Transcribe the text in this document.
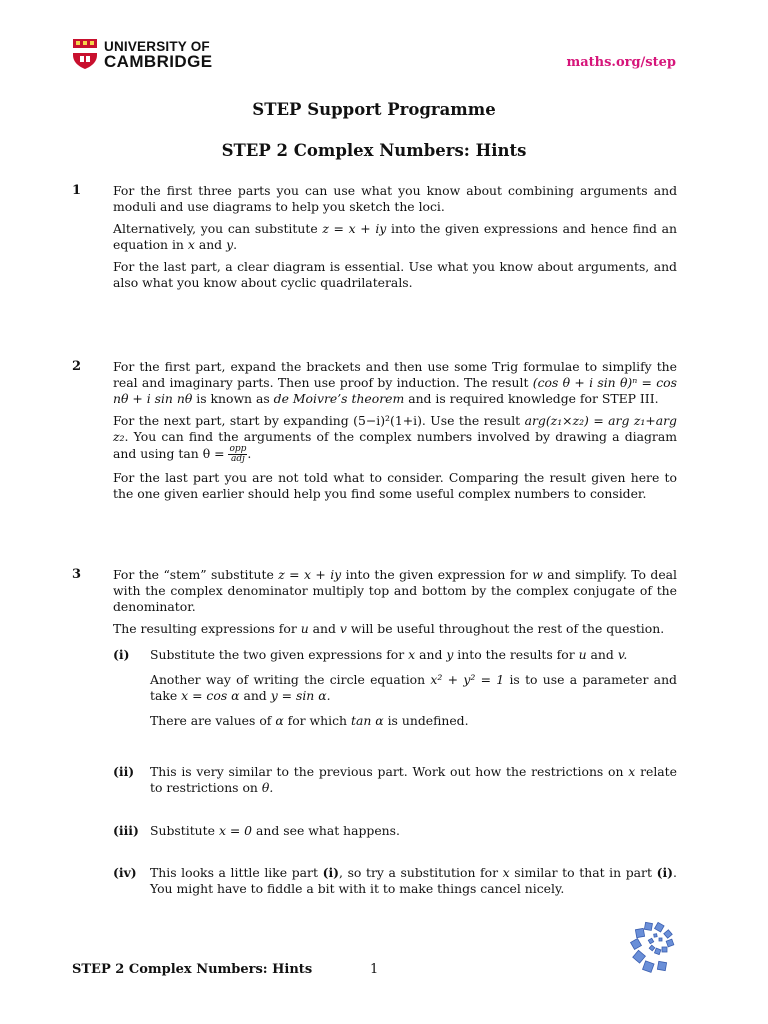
UNIVERSITY OF
CAMBRIDGE	maths.org/step
STEP Support Programme
STEP 2 Complex Numbers: Hints
1	For the first three parts you can use what you know about combining arguments and moduli and use diagrams to help you sketch the loci.

Alternatively, you can substitute z = x + iy into the given expressions and hence find an equation in x and y.

For the last part, a clear diagram is essential. Use what you know about arguments, and also what you know about cyclic quadrilaterals.

2	For the first part, expand the brackets and then use some Trig formulae to simplify the real and imaginary parts. Then use proof by induction. The result (cos θ + i sin θ)ⁿ = cos nθ + i sin nθ is known as de Moivre’s theorem and is required knowledge for STEP III.

For the next part, start by expanding (5−i)²(1+i). Use the result arg(z₁×z₂) = arg z₁+arg z₂. You can find the arguments of the complex numbers involved by drawing a diagram and using $\tan \theta = \frac{\text{opp}}{\text{adj}}$ .

For the last part you are not told what to consider. Comparing the result given here to the one given earlier should help you find some useful complex numbers to consider.

3	For the “stem” substitute z = x + iy into the given expression for w and simplify. To deal with the complex denominator multiply top and bottom by the complex conjugate of the denominator.

The resulting expressions for u and v will be useful throughout the rest of the question.

(i)	Substitute the two given expressions for x and y into the results for u and v.

Another way of writing the circle equation x² + y² = 1 is to use a parameter and take x = cos α and y = sin α.

There are values of α for which tan α is undefined.

(ii)	This is very similar to the previous part. Work out how the restrictions on x relate to restrictions on θ.

(iii) Substitute x = 0 and see what happens.

(iv)	This looks a little like part (i), so try a substitution for x similar to that in part (i). You might have to fiddle a bit with it to make things cancel nicely.

STEP 2 Complex Numbers: Hints	1
